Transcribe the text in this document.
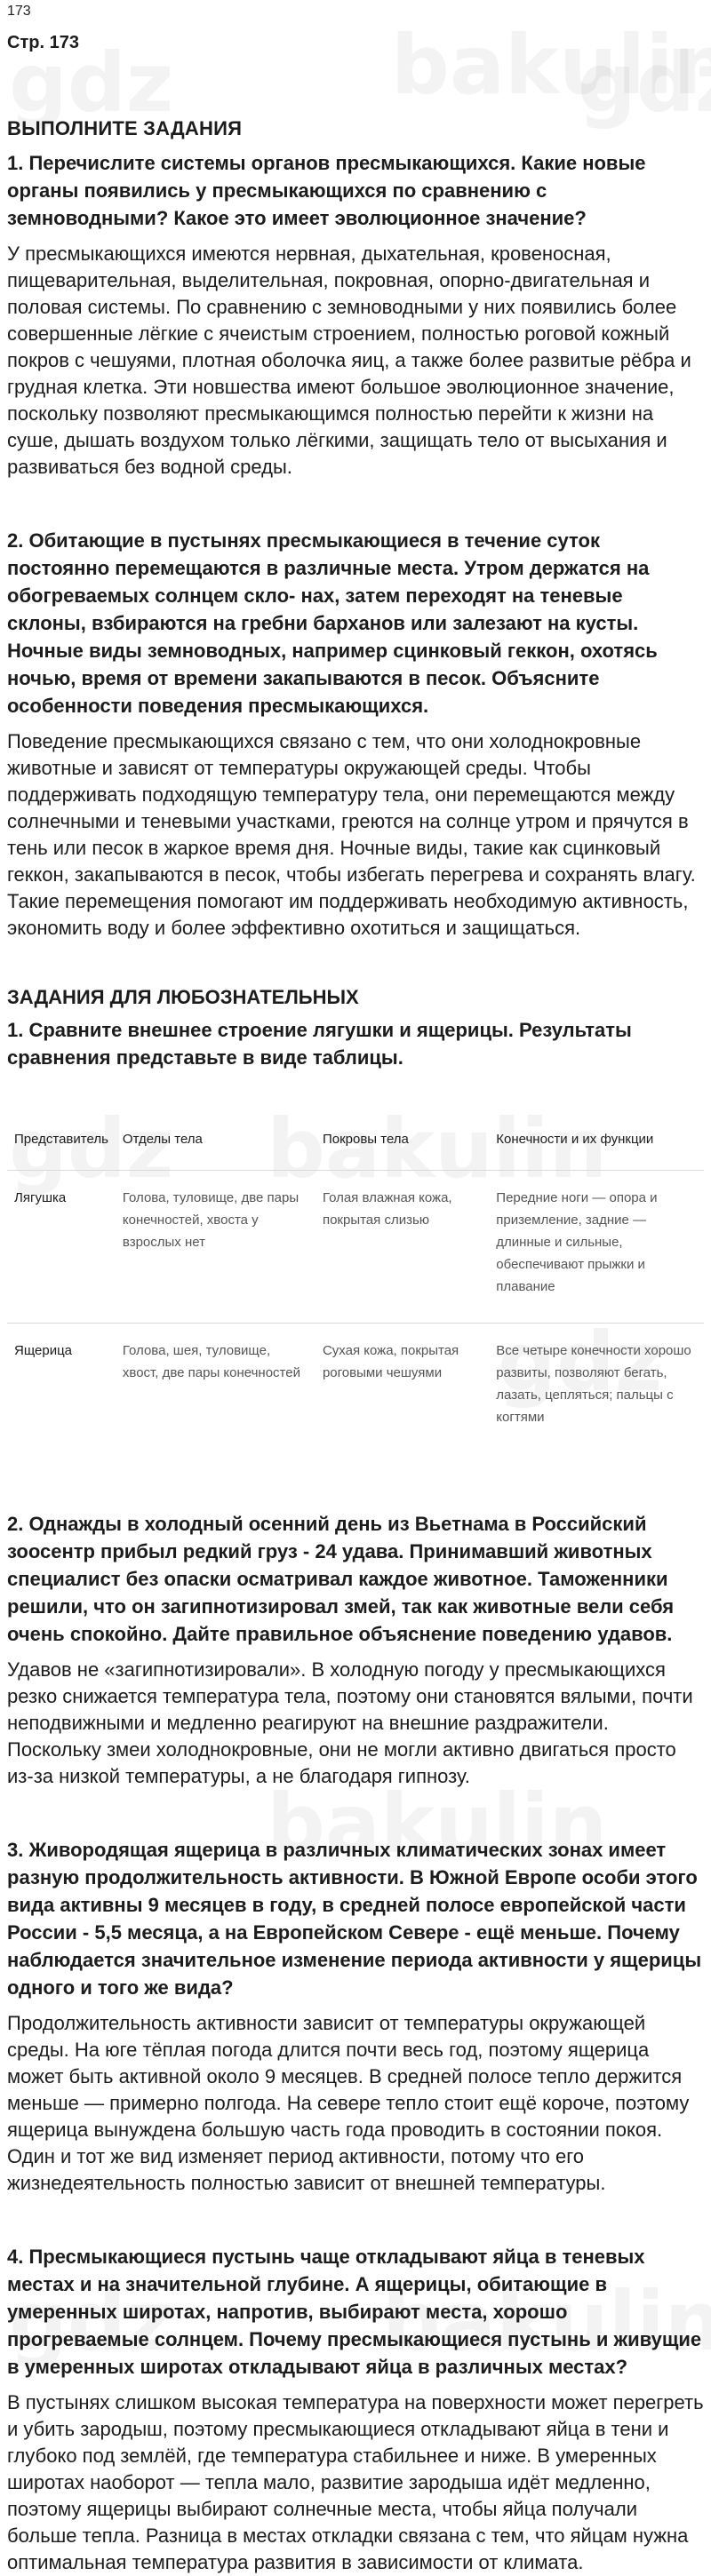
173

Стр. 173
ВЫПОЛНИТЕ ЗАДАНИЯ

1. Перечислите системы органов пресмыкающихся. Какие новые органы появились у пресмыкающихся по сравнению с земноводными? Какое это имеет эволюционное значение?

У пресмыкающихся имеются нервная, дыхательная, кровеносная, пищеварительная, выделительная, покровная, опорно-двигательная и половая системы. По сравнению с земноводными у них появились более совершенные лёгкие с ячеистым строением, полностью роговой кожный покров с чешуями, плотная оболочка яиц, а также более развитые рёбра и грудная клетка. Эти новшества имеют большое эволюционное значение, поскольку позволяют пресмыкающимся полностью перейти к жизни на суше, дышать воздухом только лёгкими, защищать тело от высыхания и развиваться без водной среды.

2. Обитающие в пустынях пресмыкающиеся в течение суток постоянно перемещаются в различные места. Утром держатся на обогреваемых солнцем скло- нах, затем переходят на теневые склоны, взбираются на гребни барханов или залезают на кусты. Ночные виды земноводных, например сцинковый геккон, охотясь ночью, время от времени закапываются в песок. Объясните особенности поведения пресмыкающихся.

Поведение пресмыкающихся связано с тем, что они холоднокровные животные и зависят от температуры окружающей среды. Чтобы поддерживать подходящую температуру тела, они перемещаются между солнечными и теневыми участками, греются на солнце утром и прячутся в тень или песок в жаркое время дня. Ночные виды, такие как сцинковый геккон, закапываются в песок, чтобы избегать перегрева и сохранять влагу. Такие перемещения помогают им поддерживать необходимую активность, экономить воду и более эффективно охотиться и защищаться.

ЗАДАНИЯ ДЛЯ ЛЮБОЗНАТЕЛЬНЫХ

1. Сравните внешнее строение лягушки и ящерицы. Результаты сравнения представьте в виде таблицы.

Представитель	Отделы тела	Покровы тела	Конечности и их функции
Лягушка	Голова, туловище, две пары конечностей, хвоста у взрослых нет	Голая влажная кожа, покрытая слизью	Передние ноги — опора и приземление, задние — длинные и сильные, обеспечивают прыжки и плавание
Ящерица	Голова, шея, туловище, хвост, две пары конечностей	Сухая кожа, покрытая роговыми чешуями	Все четыре конечности хорошо развиты, позволяют бегать, лазать, цепляться; пальцы с когтями

2. Однажды в холодный осенний день из Вьетнама в Российский зоосентр прибыл редкий груз - 24 удава. Принимавший животных специалист без опаски осматривал каждое животное. Таможенники решили, что он загипнотизировал змей, так как животные вели себя очень спокойно. Дайте правильное объяснение поведению удавов.

Удавов не «загипнотизировали». В холодную погоду у пресмыкающихся резко снижается температура тела, поэтому они становятся вялыми, почти неподвижными и медленно реагируют на внешние раздражители. Поскольку змеи холоднокровные, они не могли активно двигаться просто из-за низкой температуры, а не благодаря гипнозу.

3. Живородящая ящерица в различных климатических зонах имеет разную продолжительность активности. В Южной Европе особи этого вида активны 9 месяцев в году, в средней полосе европейской части России - 5,5 месяца, а на Европейском Севере - ещё меньше. Почему наблюдается значительное изменение периода активности у ящерицы одного и того же вида?

Продолжительность активности зависит от температуры окружающей среды. На юге тёплая погода длится почти весь год, поэтому ящерица может быть активной около 9 месяцев. В средней полосе тепло держится меньше — примерно полгода. На севере тепло стоит ещё короче, поэтому ящерица вынуждена большую часть года проводить в состоянии покоя. Один и тот же вид изменяет период активности, потому что его жизнедеятельность полностью зависит от внешней температуры.

4. Пресмыкающиеся пустынь чаще откладывают яйца в теневых местах и на значительной глубине. А ящерицы, обитающие в умеренных широтах, напротив, выбирают места, хорошо прогреваемые солнцем. Почему пресмыкающиеся пустынь и живущие в умеренных широтах откладывают яйца в различных местах?

В пустынях слишком высокая температура на поверхности может перегреть и убить зародыш, поэтому пресмыкающиеся откладывают яйца в тени и глубоко под землёй, где температура стабильнее и ниже. В умеренных широтах наоборот — тепла мало, развитие зародыша идёт медленно, поэтому ящерицы выбирают солнечные места, чтобы яйца получали больше тепла. Разница в местах откладки связана с тем, что яйцам нужна оптимальная температура развития в зависимости от климата.
